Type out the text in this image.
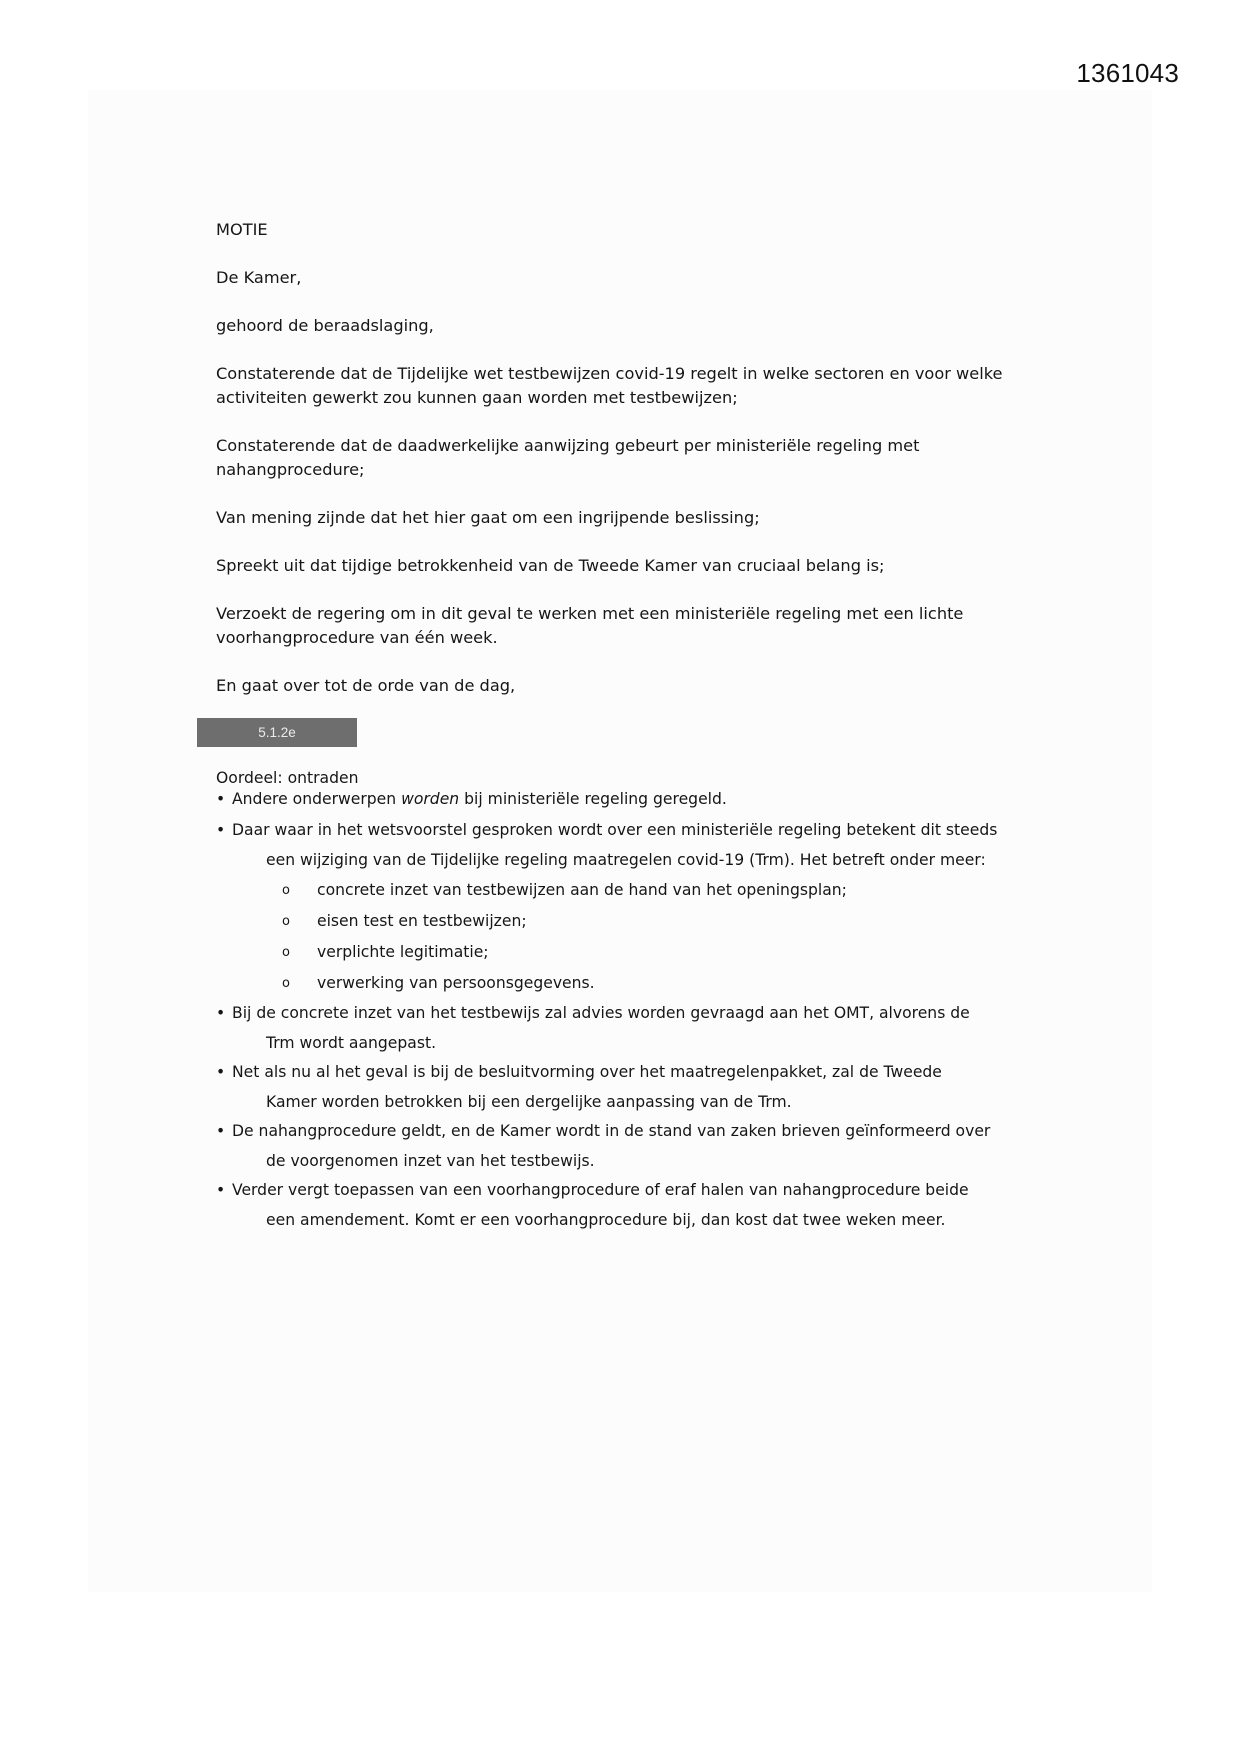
1361043

MOTIE

De Kamer,

gehoord de beraadslaging,

Constaterende dat de Tijdelijke wet testbewijzen covid-19 regelt in welke sectoren en voor welke activiteiten gewerkt zou kunnen gaan worden met testbewijzen;

Constaterende dat de daadwerkelijke aanwijzing gebeurt per ministeriële regeling met nahangprocedure;

Van mening zijnde dat het hier gaat om een ingrijpende beslissing;

Spreekt uit dat tijdige betrokkenheid van de Tweede Kamer van cruciaal belang is;

Verzoekt de regering om in dit geval te werken met een ministeriële regeling met een lichte voorhangprocedure van één week.

En gaat over tot de orde van de dag,

5.1.2e

Oordeel: ontraden

• Andere onderwerpen worden bij ministeriële regeling geregeld.
• Daar waar in het wetsvoorstel gesproken wordt over een ministeriële regeling betekent dit steeds
een wijziging van de Tijdelijke regeling maatregelen covid-19 (Trm). Het betreft onder meer:
o concrete inzet van testbewijzen aan de hand van het openingsplan;
o eisen test en testbewijzen;
o verplichte legitimatie;
o verwerking van persoonsgegevens.
• Bij de concrete inzet van het testbewijs zal advies worden gevraagd aan het OMT, alvorens de
Trm wordt aangepast.
• Net als nu al het geval is bij de besluitvorming over het maatregelenpakket, zal de Tweede
Kamer worden betrokken bij een dergelijke aanpassing van de Trm.
• De nahangprocedure geldt, en de Kamer wordt in de stand van zaken brieven geïnformeerd over
de voorgenomen inzet van het testbewijs.
• Verder vergt toepassen van een voorhangprocedure of eraf halen van nahangprocedure beide
een amendement. Komt er een voorhangprocedure bij, dan kost dat twee weken meer.
